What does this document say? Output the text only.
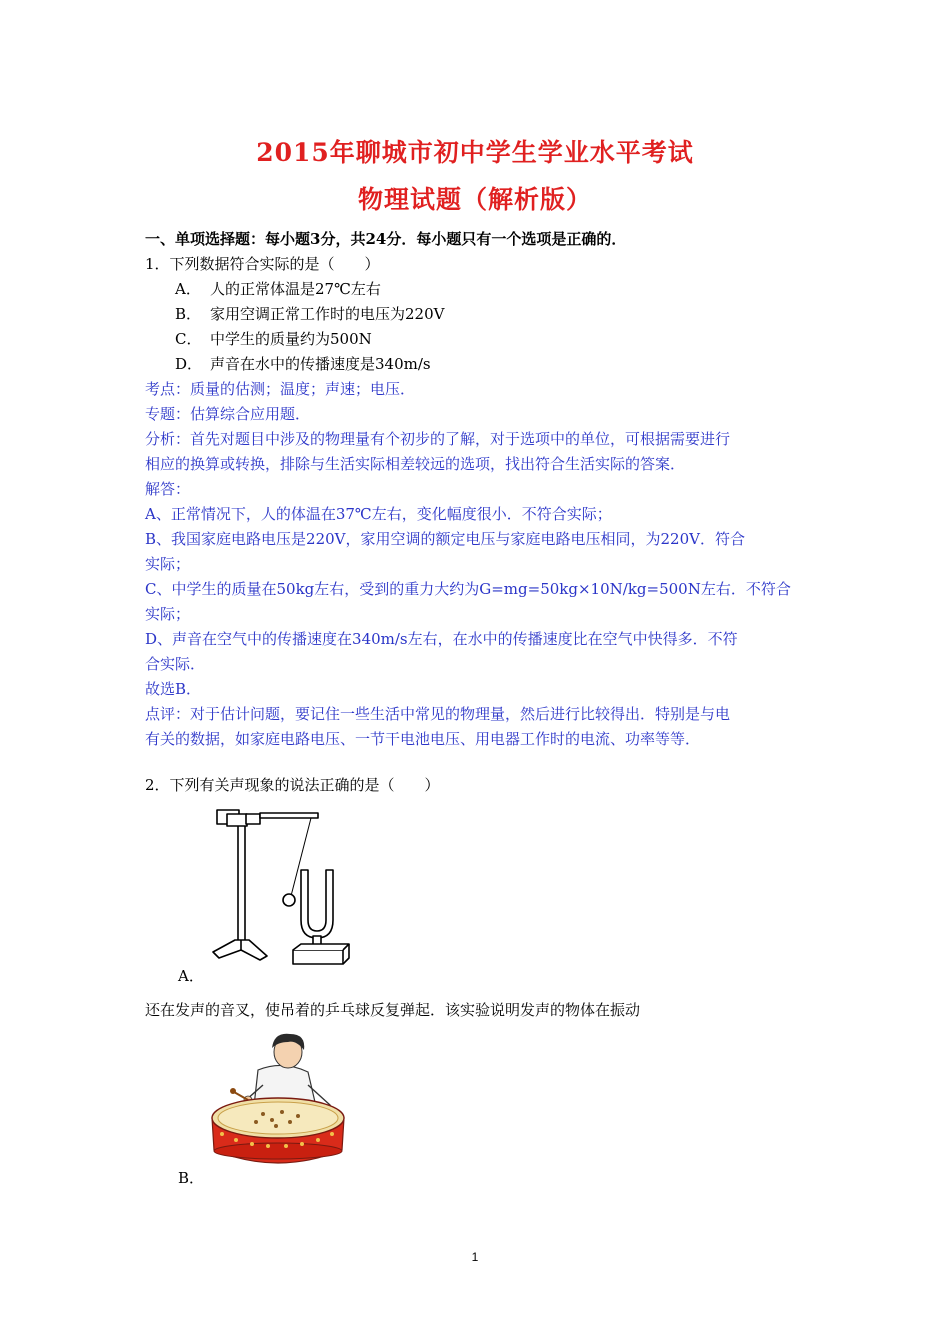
2015年聊城市初中学生学业水平考试
物理试题（解析版）
一、单项选择题：每小题3分，共24分．每小题只有一个选项是正确的．
1．下列数据符合实际的是（　　）
A． 人的正常体温是27℃左右
B． 家用空调正常工作时的电压为220V
C． 中学生的质量约为500N
D． 声音在水中的传播速度是340m/s
考点：质量的估测；温度；声速；电压．
专题：估算综合应用题．
分析：首先对题目中涉及的物理量有个初步的了解，对于选项中的单位，可根据需要进行
相应的换算或转换，排除与生活实际相差较远的选项，找出符合生活实际的答案．
解答：
A、正常情况下，人的体温在37℃左右，变化幅度很小．不符合实际；
B、我国家庭电路电压是220V，家用空调的额定电压与家庭电路电压相同，为220V．符合
实际；
C、中学生的质量在50kg左右，受到的重力大约为G=mg=50kg×10N/kg=500N左右．不符合
实际；
D、声音在空气中的传播速度在340m/s左右，在水中的传播速度比在空气中快得多．不符
合实际．
故选B．
点评：对于估计问题，要记住一些生活中常见的物理量，然后进行比较得出．特别是与电
有关的数据，如家庭电路电压、一节干电池电压、用电器工作时的电流、功率等等．
2．下列有关声现象的说法正确的是（　　）
A．
还在发声的音叉，使吊着的乒乓球反复弹起．该实验说明发声的物体在振动
B．
1
